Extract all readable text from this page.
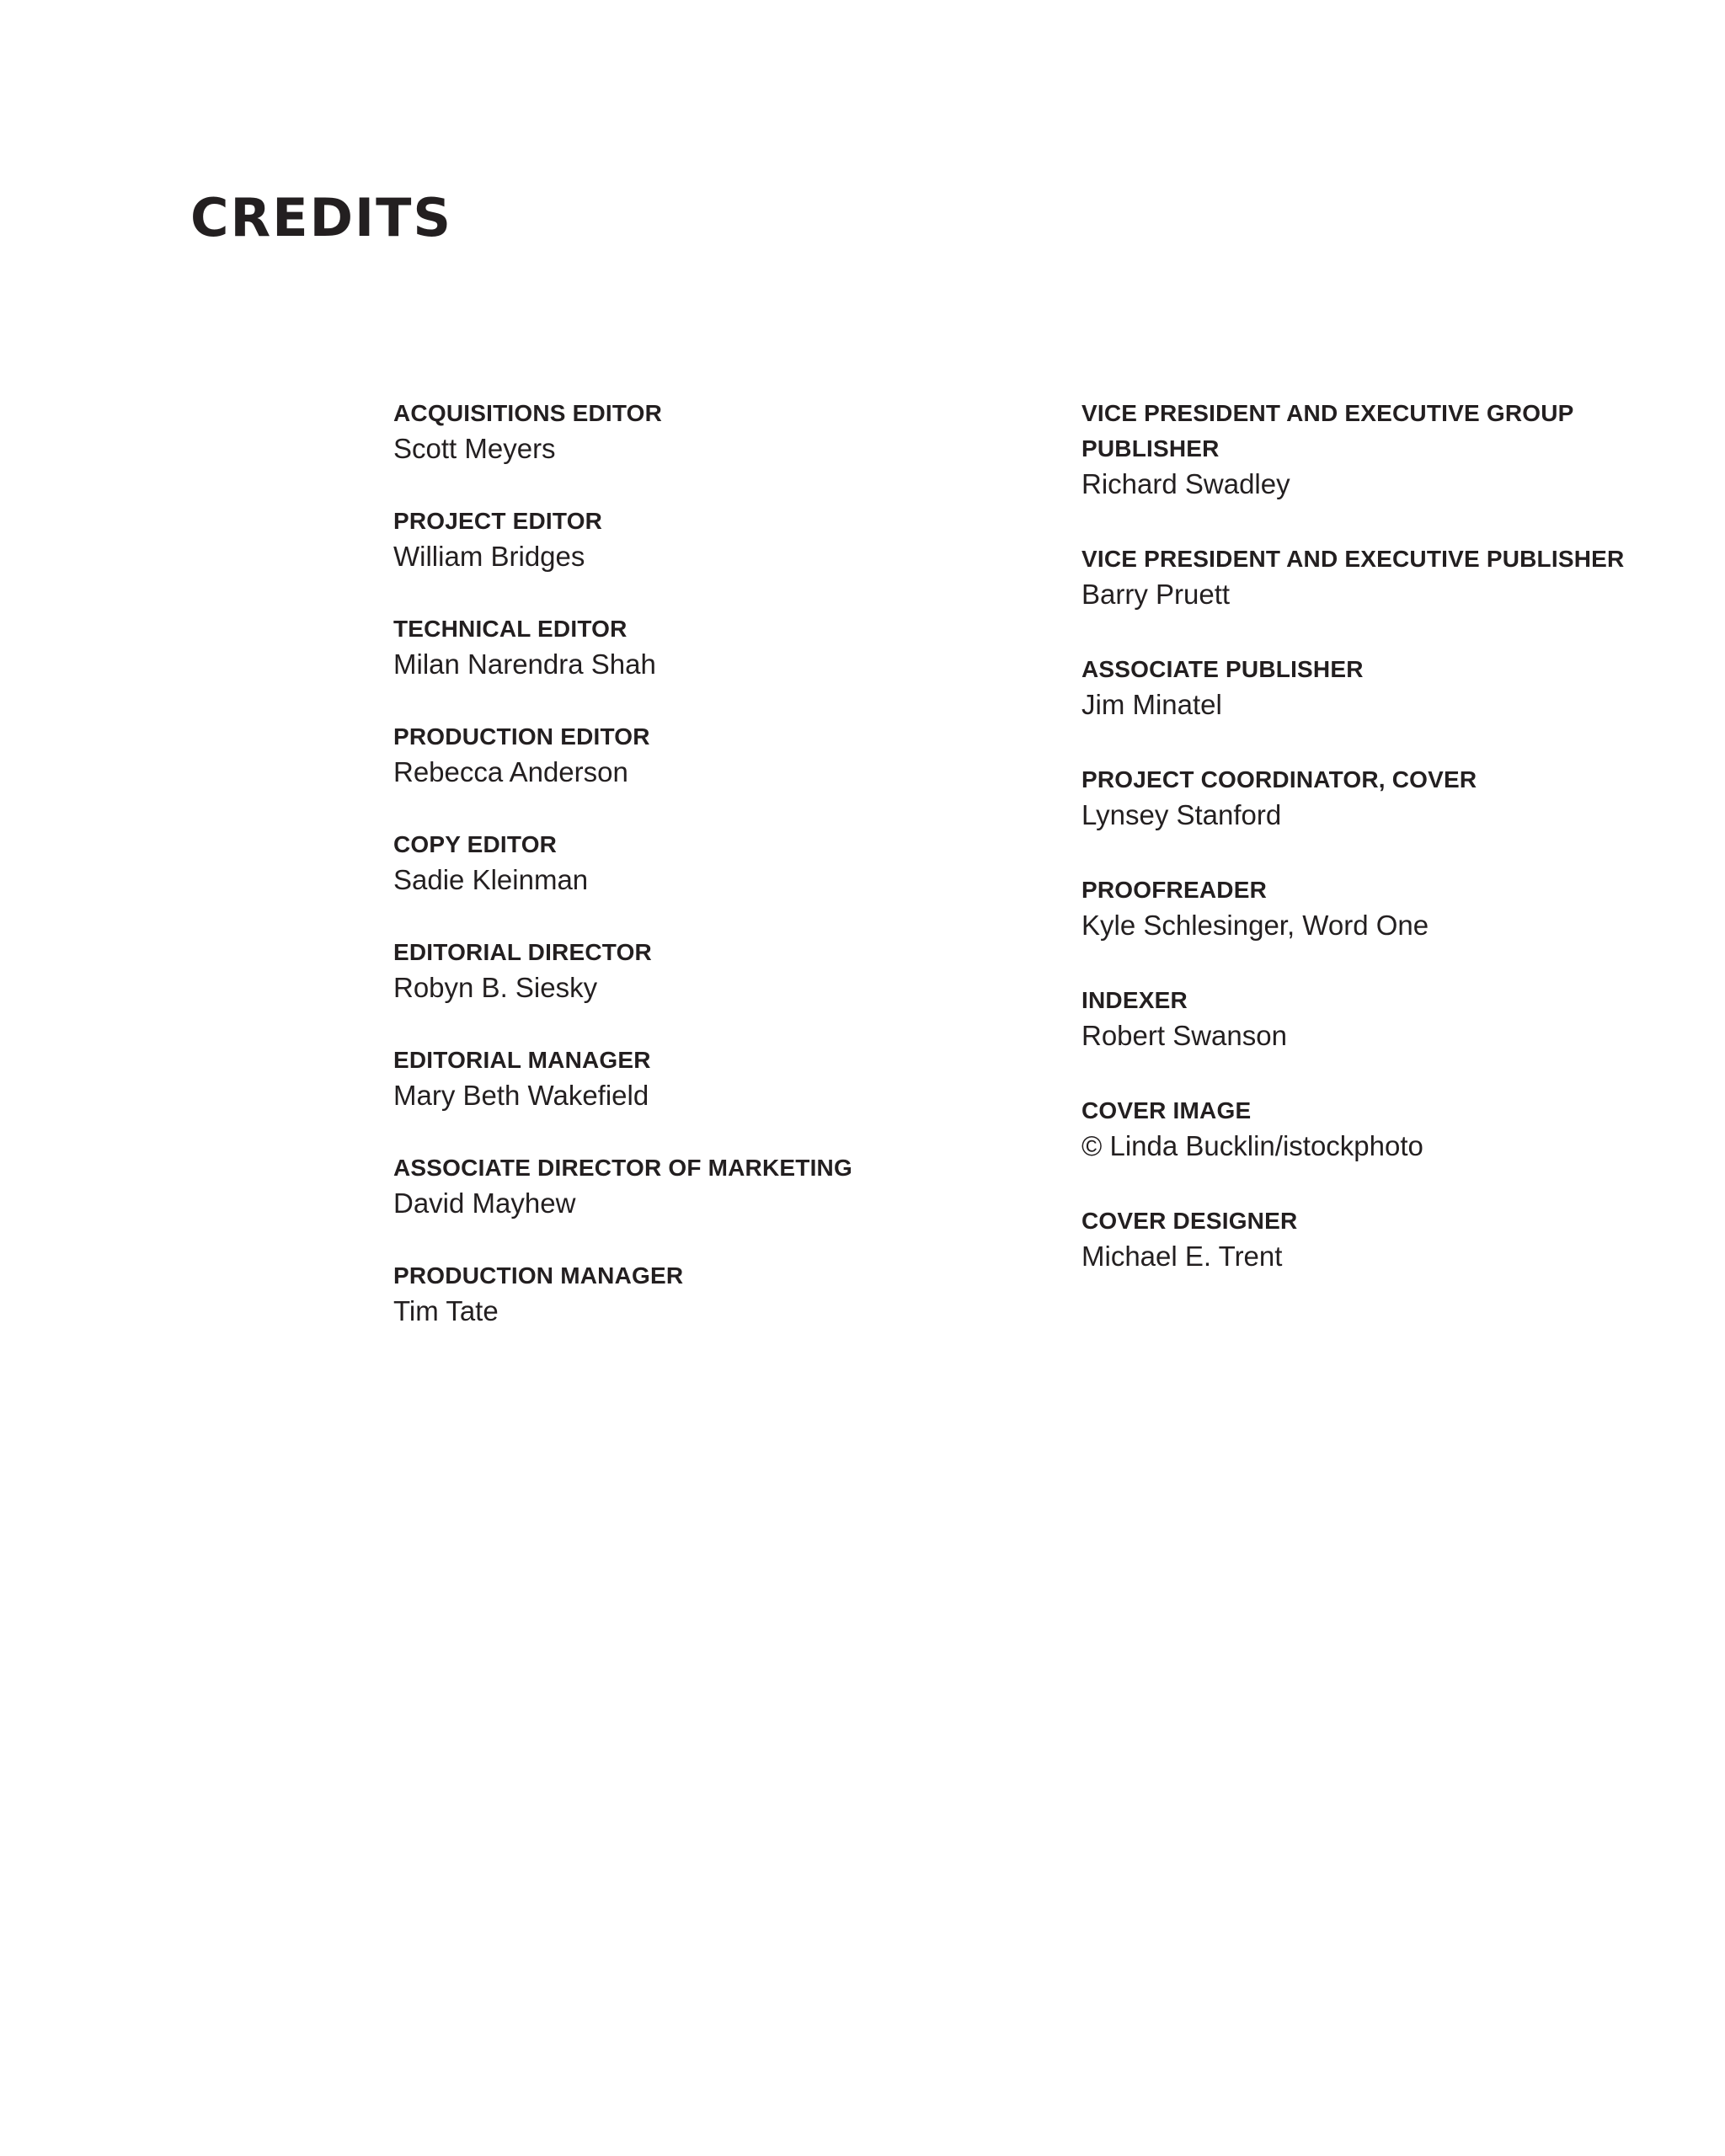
CREDITS
ACQUISITIONS EDITOR
Scott Meyers
PROJECT EDITOR
William Bridges
TECHNICAL EDITOR
Milan Narendra Shah
PRODUCTION EDITOR
Rebecca Anderson
COPY EDITOR
Sadie Kleinman
EDITORIAL DIRECTOR
Robyn B. Siesky
EDITORIAL MANAGER
Mary Beth Wakefield
ASSOCIATE DIRECTOR OF MARKETING
David Mayhew
PRODUCTION MANAGER
Tim Tate
VICE PRESIDENT AND EXECUTIVE GROUP PUBLISHER
Richard Swadley
VICE PRESIDENT AND EXECUTIVE PUBLISHER
Barry Pruett
ASSOCIATE PUBLISHER
Jim Minatel
PROJECT COORDINATOR, COVER
Lynsey Stanford
PROOFREADER
Kyle Schlesinger, Word One
INDEXER
Robert Swanson
COVER IMAGE
© Linda Bucklin/istockphoto
COVER DESIGNER
Michael E. Trent
